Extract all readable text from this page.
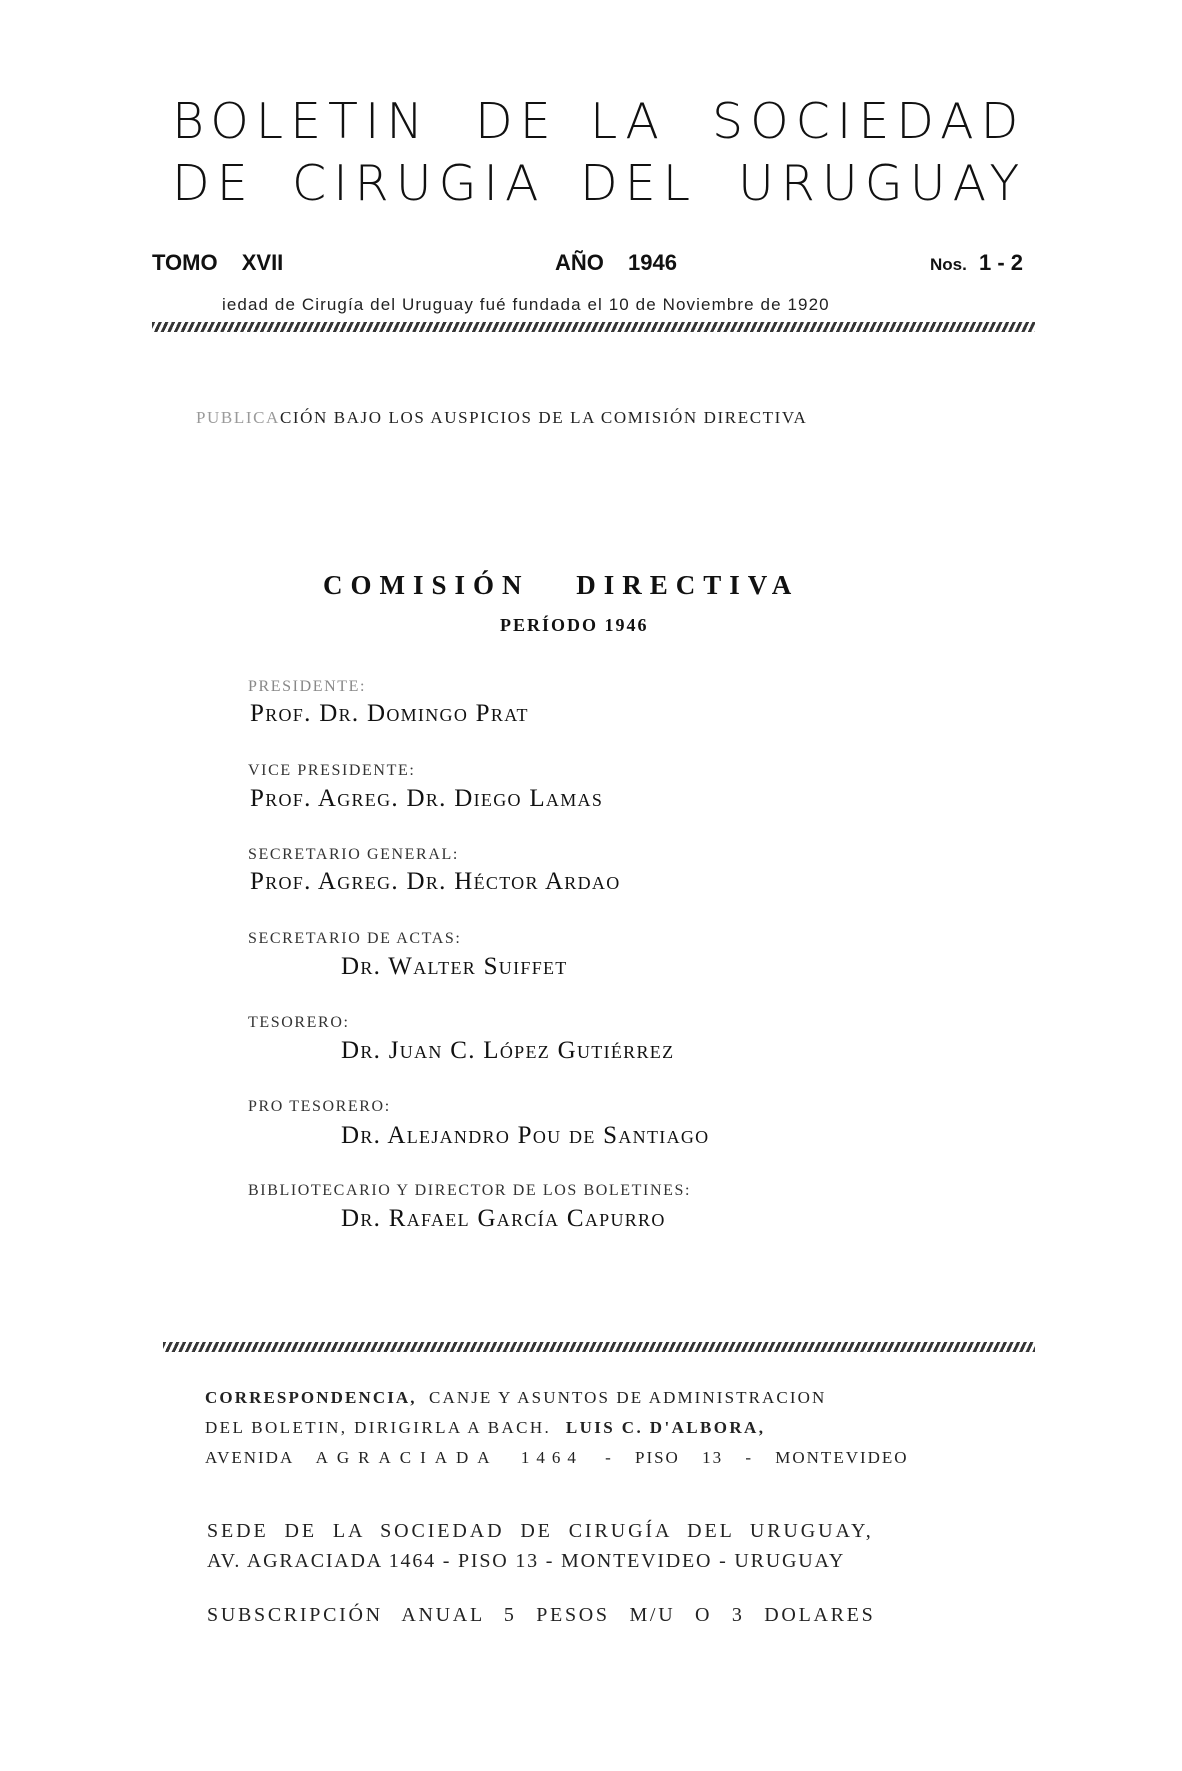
BOLETIN DE LA SOCIEDAD
DE CIRUGIA DEL URUGUAY
TOMO XVII	AÑO 1946	Nos. 1 - 2
iedad de Cirugía del Uruguay fué fundada el 10 de Noviembre de 1920
PUBLICACIÓN BAJO LOS AUSPICIOS DE LA COMISIÓN DIRECTIVA
COMISIÓN DIRECTIVA
PERÍODO 1946
PRESIDENTE:
Prof. Dr. Domingo Prat
VICE PRESIDENTE:
Prof. Agreg. Dr. Diego Lamas
SECRETARIO GENERAL:
Prof. Agreg. Dr. Héctor Ardao
SECRETARIO DE ACTAS:
Dr. Walter Suiffet
TESORERO:
Dr. Juan C. López Gutiérrez
PRO TESORERO:
Dr. Alejandro Pou de Santiago
BIBLIOTECARIO Y DIRECTOR DE LOS BOLETINES:
Dr. Rafael García Capurro
CORRESPONDENCIA, CANJE Y ASUNTOS DE ADMINISTRACION
DEL BOLETIN, DIRIGIRLA A BACH. LUIS C. D'ALBORA,
AVENIDA AGRACIADA 1464 - PISO 13 - MONTEVIDEO
SEDE DE LA SOCIEDAD DE CIRUGÍA DEL URUGUAY,
AV. AGRACIADA 1464 - PISO 13 - MONTEVIDEO - URUGUAY
SUBSCRIPCIÓN ANUAL 5 PESOS M/U O 3 DOLARES
